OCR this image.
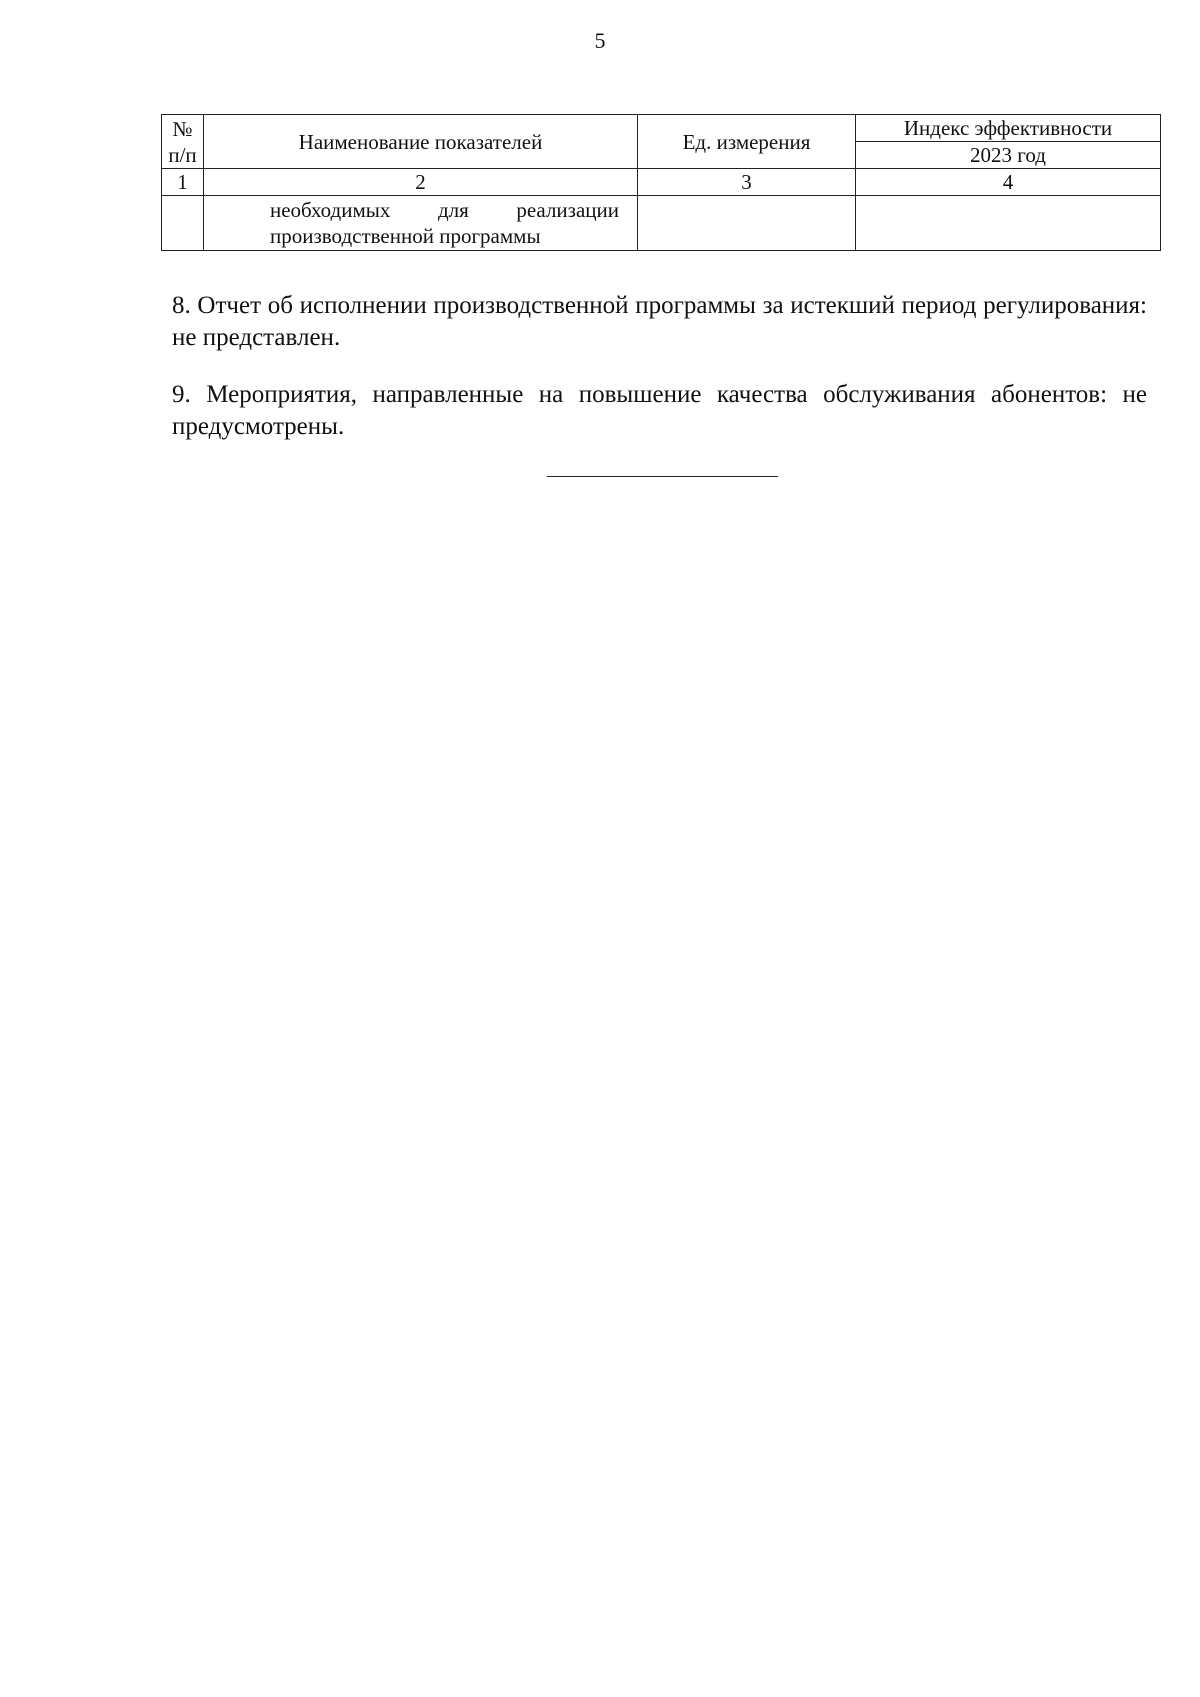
5
№
п/п	Наименование показателей	Ед. измерения	Индекс эффективности
			2023 год
1	2	3	4

	необходимых для реализации производственной программы		

8. Отчет об исполнении производственной программы за истекший период регулирования: не представлен.
9. Мероприятия, направленные на повышение качества обслуживания абонентов: не предусмотрены.
